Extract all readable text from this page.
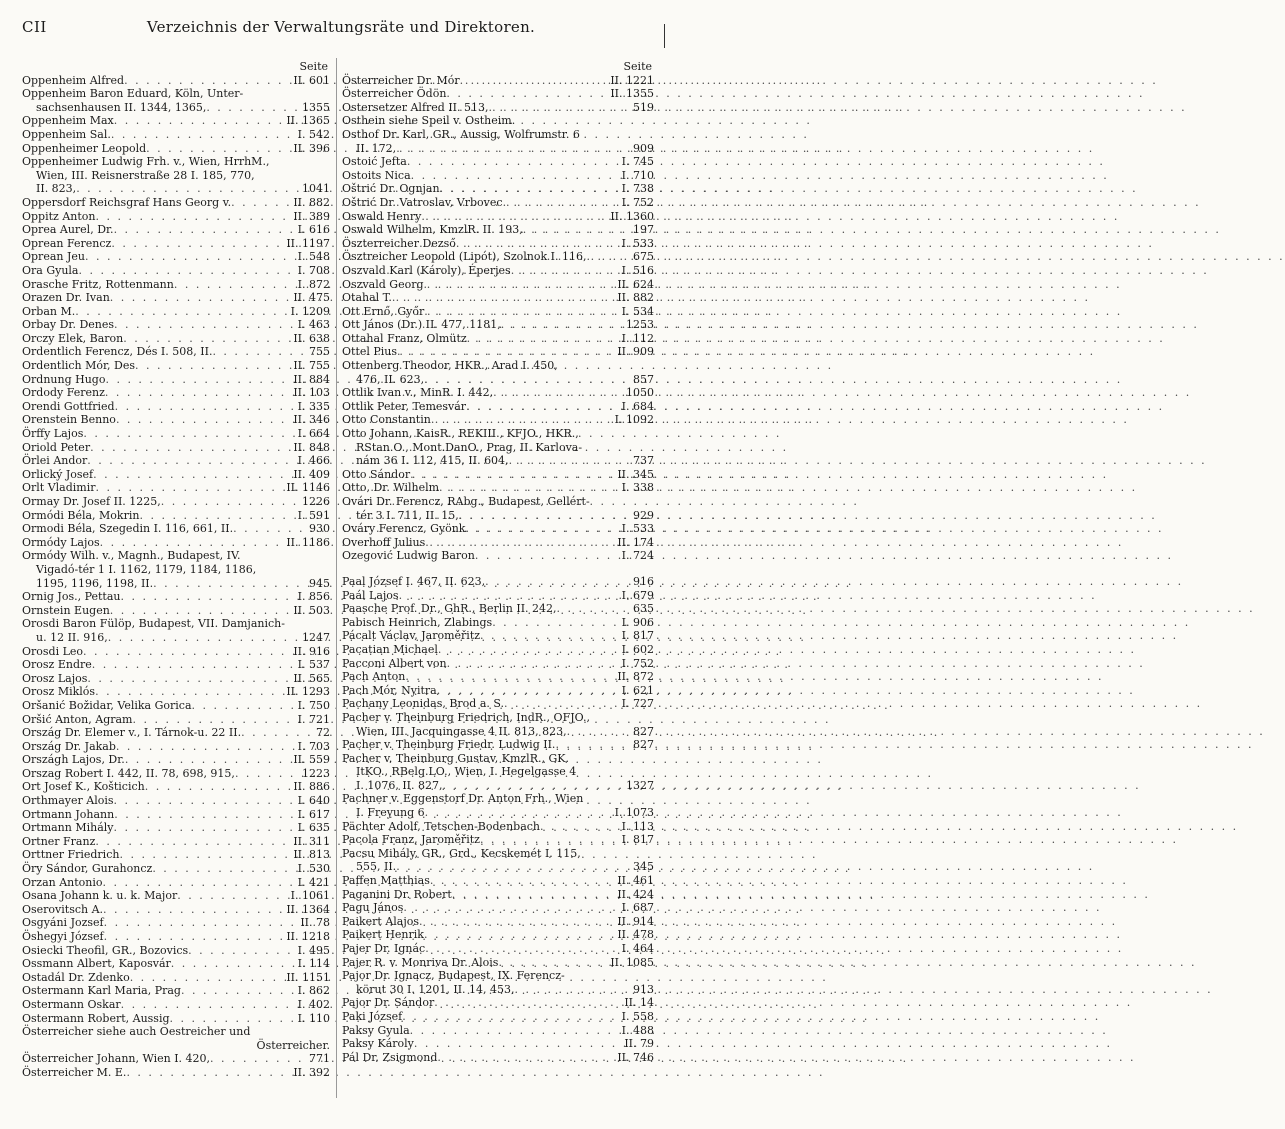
CII	Verzeichnis der Verwaltungsräte und Direktoren.
Seite
Oppenheim Alfred . . .	II. 601
Oppenheim Baron Eduard, Köln, Unter-
sachsenhausen II. 1344, 1365, . . .	1355
Oppenheim Max . . .	II. 1365
Oppenheim Sal. . . .	I. 542
Oppenheimer Leopold . . .	II. 396
Oppenheimer Ludwig Frh. v., Wien, HrrhM.,
Wien, III. Reisnerstraße 28 I. 185, 770,
II. 823, . . .	1041
Oppersdorf Reichsgraf Hans Georg v. . . .	II. 882
Oppitz Anton . . .	II. 389
Oprea Aurel, Dr. . . .	I. 616
Oprean Ferencz . . .	II. 1197
Oprean Jeu . . .	I. 548
Ora Gyula . . .	I. 708
Orasche Fritz, Rottenmann . . .	I. 872
Orazen Dr. Ivan . . .	II. 475
Orban M. . . .	I. 1209
Orbay Dr. Denes . . .	I. 463
Orczy Elek, Baron . . .	II. 638
Ordentlich Ferencz, Dés I. 508, II. . . .	755
Ordentlich Mór, Des . . .	II. 755
Ordnung Hugo . . .	II. 884
Ordody Ferenz . . .	II. 103
Orendi Gottfried . . .	I. 335
Orenstein Benno . . .	II. 346
Örffy Lajos . . .	I. 664
Oriold Peter . . .	II. 848
Örlei Andor . . .	I. 466
Orlický Josef . . .	II. 409
Orlt Vladimir . . .	II. 1146
Ormay Dr. Josef II. 1225, . . .	1226
Ormódi Béla, Mokrin . . .	I. 591
Ormodi Béla, Szegedin I. 116, 661, II. . . .	930
Ormódy Lajos . . .	II. 1186
Ormódy Wilh. v., Magnh., Budapest, IV.
Vigadó-tér 1 I. 1162, 1179, 1184, 1186,
1195, 1196, 1198, II. . . .	945
Ornig Jos., Pettau . . .	I. 856
Ornstein Eugen . . .	II. 503
Orosdi Baron Fülöp, Budapest, VII. Damjanich-
u. 12 II. 916, . . .	1247
Orosdi Leo . . .	II. 916
Orosz Endre . . .	I. 537
Orosz Lajos . . .	II. 565
Orosz Miklós . . .	II. 1293
Oršanić Božidar, Velika Gorica . . .	I. 750
Oršić Anton, Agram . . .	I. 721
Ország Dr. Elemer v., I. Tárnok-u. 22 II. . . .	72
Ország Dr. Jakab . . .	I. 703
Országh Lajos, Dr. . . .	II. 559
Orszag Robert I. 442, II. 78, 698, 915, . . .	1223
Ort Josef K., Košticich . . .	II. 886
Orthmayer Alois . . .	I. 640
Ortmann Johann . . .	I. 617
Ortmann Mihály . . .	I. 635
Ortner Franz . . .	II. 311
Orttner Friedrich . . .	II. 813
Öry Sándor, Gurahoncz . . .	I. 530
Orzan Antonio . . .	I. 421
Osana Johann k. u. k. Major . . .	I. 1061
Oserovitsch A. . . .	II. 1364
Osgyáni Jozsef . . .	II. 78
Öshegyi József . . .	II. 1218
Osiecki Theofil, GR., Bozovics . . .	I. 495
Ossmann Albert, Kaposvár . . .	I. 114
Ostadál Dr. Zdenko . . .	II. 1151
Ostermann Karl Maria, Prag . . .	I. 862
Ostermann Oskar . . .	I. 402
Ostermann Robert, Aussig . . .	I. 110
Österreicher siehe auch Oestreicher und
Österreicher.
Österreicher Johann, Wien I. 420, . . .	771
Österreicher M. E. . . .	II. 392
Seite
Österreicher Dr. Mór . . .	II. 1221
Österreicher Ödön . . .	II. 1355
Ostersetzer Alfred II. 513, . . .	519
Osthein siehe Speil v. Ostheim.
Osthof Dr. Karl, GR., Aussig, Wolfrumstr. 6
II. 172, . . .	909
Ostoić Jefta . . .	I. 745
Ostoits Nica . . .	I. 710
Oštrić Dr. Ognjan . . .	I. 738
Oštrić Dr. Vatroslav, Vrbovec . . .	I. 752
Oswald Henry . . .	II. 1360
Oswald Wilhelm, KmzlR. II. 193, . . .	197
Öszterreicher Dezső . . .	I. 533
Ösztreicher Leopold (Lipót), Szolnok I. 116, . . .	675
Oszvald Karl (Károly), Éperjes . . .	I. 516
Oszvald Georg . . .	II. 624
Otahal T. . . .	II. 882
Ott Ernő, Győr . . .	I. 534
Ott János (Dr.) II. 477, 1181, . . .	1253
Ottahal Franz, Olmütz . . .	I. 112
Ottel Pius . . .	II. 909
Ottenberg Theodor, HKR., Arad I. 450,
476, II. 623, . . .	857
Ottlik Ivan v., MinR. I. 442, . . .	1050
Ottlik Peter, Temesvár . . .	I. 684
Otto Constantin . . .	I. 1092
Otto Johann, KaisR., REKIII., KFJO., HKR.,
RStan.O., Mont.DanO., Prag, II. Karlova-
nám 36 I. 112, 415, II. 604, . . .	737
Otto Sándor . . .	II. 345
Otto, Dr. Wilhelm . . .	I. 338
Ovári Dr. Ferencz, RAbg., Budapest, Gellért-
tér 3 I. 711, II. 15, . . .	929
Ováry Ferencz, Gyönk . . .	I. 533
Overhoff Julius . . .	II. 174
Ozegović Ludwig Baron . . .	I. 724
Paal József I. 467, II. 623, . . .	916
Paál Lajos . . .	I. 679
Paasche Prof. Dr., GhR., Berlin II. 242, . . .	635
Pabisch Heinrich, Zlabings . . .	I. 906
Pácalt Václav, Jaroměřitz . . .	I. 817
Pacatian Michael . . .	I. 602
Pacconi Albert von . . .	I. 752
Pach Anton . . .	II. 872
Pach Mór, Nyitra . . .	I. 621
Pachany Leonidas, Brod a. S. . . .	I. 727
Pacher v. Theinburg Friedrich, IndR., OFJO.,
Wien, III. Jacquingasse 4 II. 813, 823, . . .	827
Pacher v. Theinburg Friedr. Ludwig II. . . .	827
Pacher v. Theinburg Gustav, KmzlR., GK.
ItKO., RBelg.LO., Wien, I. Hegelgasse 4
I. 1076, II. 827, . . .	1327
Pachner v. Eggenstorf Dr. Anton Frh., Wien
I. Freyung 6 . . .	I. 1073
Pächter Adolf, Tetschen-Bodenbach . . .	I. 113
Pacola Franz, Jaroměřitz . . .	I. 817
Pacsu Mihály, GR., Grd., Kecskemét I. 115,
555, II. . . .	345
Paffen Matthias . . .	II. 461
Paganini Dr. Robert . . .	II. 424
Pagu János . . .	I. 687
Paikert Alajos . . .	II. 914
Paikert Henrik . . .	II. 478
Pajer Dr. Ignác . . .	I. 464
Pajer R. v. Monriva Dr. Alois . . .	II. 1085
Pajor Dr. Ignacz, Budapest, IX. Ferencz-
körut 30 I. 1201, II. 14, 453, . . .	913
Pajor Dr. Sándor . . .	II. 14
Paki József . . .	I. 558
Paksy Gyula . . .	I. 488
Paksy Károly . . .	II. 79
Pál Dr. Zsigmond . . .	II. 746
